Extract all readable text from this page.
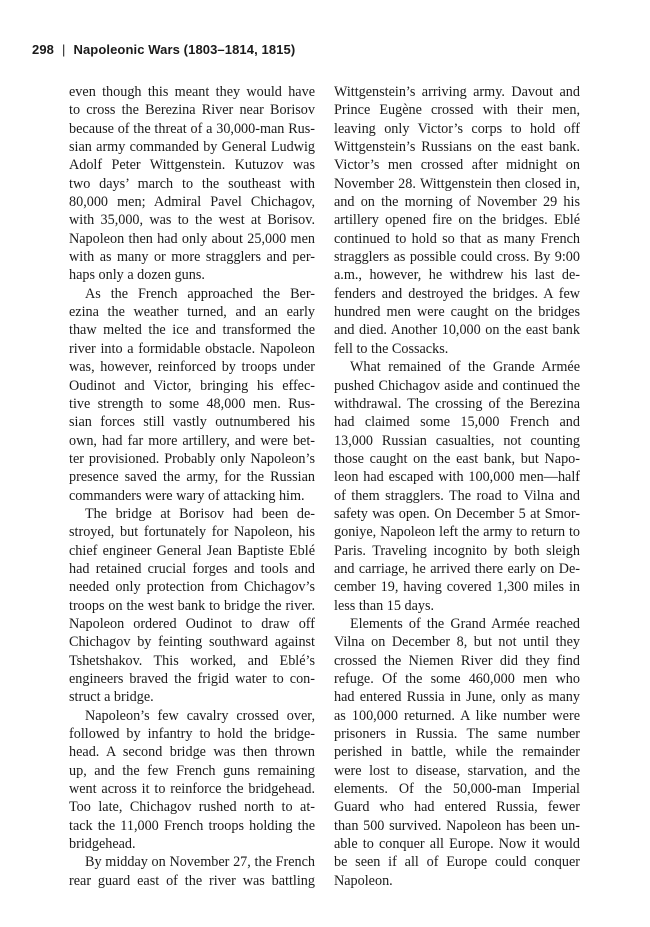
298 | Napoleonic Wars (1803–1814, 1815)
even though this meant they would have
to cross the Berezina River near Borisov
because of the threat of a 30,000-man Rus-
sian army commanded by General Ludwig
Adolf Peter Wittgenstein. Kutuzov was
two days’ march to the southeast with
80,000 men; Admiral Pavel Chichagov,
with 35,000, was to the west at Borisov.
Napoleon then had only about 25,000 men
with as many or more stragglers and per-
haps only a dozen guns.
As the French approached the Ber-
ezina the weather turned, and an early
thaw melted the ice and transformed the
river into a formidable obstacle. Napoleon
was, however, reinforced by troops under
Oudinot and Victor, bringing his effec-
tive strength to some 48,000 men. Rus-
sian forces still vastly outnumbered his
own, had far more artillery, and were bet-
ter provisioned. Probably only Napoleon’s
presence saved the army, for the Russian
commanders were wary of attacking him.
The bridge at Borisov had been de-
stroyed, but fortunately for Napoleon, his
chief engineer General Jean Baptiste Eblé
had retained crucial forges and tools and
needed only protection from Chichagov’s
troops on the west bank to bridge the river.
Napoleon ordered Oudinot to draw off
Chichagov by feinting southward against
Tshetshakov. This worked, and Eblé’s
engineers braved the frigid water to con-
struct a bridge.
Napoleon’s few cavalry crossed over,
followed by infantry to hold the bridge-
head. A second bridge was then thrown
up, and the few French guns remaining
went across it to reinforce the bridgehead.
Too late, Chichagov rushed north to at-
tack the 11,000 French troops holding the
bridgehead.
By midday on November 27, the French
rear guard east of the river was battling
Wittgenstein’s arriving army. Davout and
Prince Eugène crossed with their men,
leaving only Victor’s corps to hold off
Wittgenstein’s Russians on the east bank.
Victor’s men crossed after midnight on
November 28. Wittgenstein then closed in,
and on the morning of November 29 his
artillery opened fire on the bridges. Eblé
continued to hold so that as many French
stragglers as possible could cross. By 9:00
a.m., however, he withdrew his last de-
fenders and destroyed the bridges. A few
hundred men were caught on the bridges
and died. Another 10,000 on the east bank
fell to the Cossacks.
What remained of the Grande Armée
pushed Chichagov aside and continued the
withdrawal. The crossing of the Berezina
had claimed some 15,000 French and
13,000 Russian casualties, not counting
those caught on the east bank, but Napo-
leon had escaped with 100,000 men—half
of them stragglers. The road to Vilna and
safety was open. On December 5 at Smor-
goniye, Napoleon left the army to return to
Paris. Traveling incognito by both sleigh
and carriage, he arrived there early on De-
cember 19, having covered 1,300 miles in
less than 15 days.
Elements of the Grand Armée reached
Vilna on December 8, but not until they
crossed the Niemen River did they find
refuge. Of the some 460,000 men who
had entered Russia in June, only as many
as 100,000 returned. A like number were
prisoners in Russia. The same number
perished in battle, while the remainder
were lost to disease, starvation, and the
elements. Of the 50,000-man Imperial
Guard who had entered Russia, fewer
than 500 survived. Napoleon has been un-
able to conquer all Europe. Now it would
be seen if all of Europe could conquer
Napoleon.
